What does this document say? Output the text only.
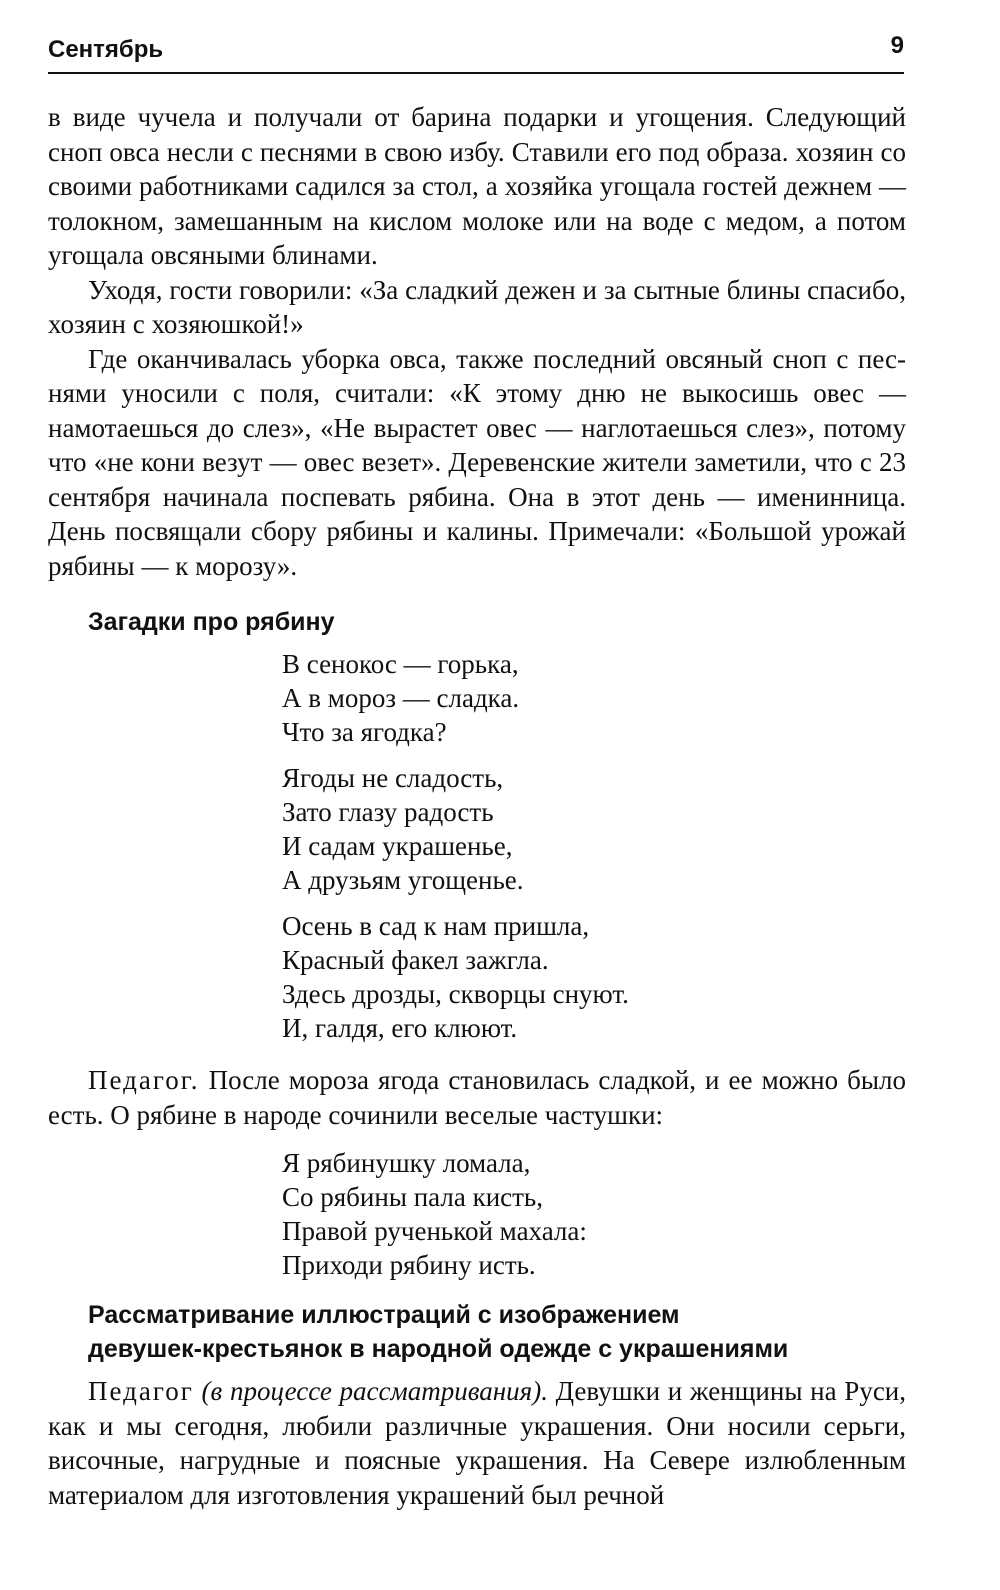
Сентябрь	9

в виде чучела и получали от барина подарки и угощения. Следующий сноп овса несли с песнями в свою избу. Ставили его под образа. хозяин со своими работниками садился за стол, а хозяйка угощала гостей дежнем — толокном, замешанным на кислом молоке или на воде с медом, а потом угощала овсяными блинами.

Уходя, гости говорили: «За сладкий дежен и за сытные блины спасибо, хозяин с хозяюшкой!»

Где оканчивалась уборка овса, также последний овсяный сноп с песнями уносили с поля, считали: «К этому дню не выкосишь овес — намотаешься до слез», «Не вырастет овес — наглотаешься слез», потому что «не кони везут — овес везет». Деревенские жители заметили, что с 23 сентября начинала поспевать рябина. Она в этот день — именинница. День посвящали сбору рябины и калины. Примечали: «Большой урожай рябины — к морозу».

Загадки про рябину
В сенокос — горька,
А в мороз — сладка.
Что за ягодка?
Ягоды не сладость,
Зато глазу радость
И садам украшенье,
А друзьям угощенье.
Осень в сад к нам пришла,
Красный факел зажгла.
Здесь дрозды, скворцы снуют.
И, галдя, его клюют.

Педагог. После мороза ягода становилась сладкой, и ее можно было есть. О рябине в народе сочинили веселые частушки:

Я рябинушку ломала,
Со рябины пала кисть,
Правой рученькой махала:
Приходи рябину исть.
Рассматривание иллюстраций с изображением
девушек-крестьянок в народной одежде с украшениями

Педагог (в процессе рассматривания). Девушки и женщины на Руси, как и мы сегодня, любили различные украшения. Они носили серьги, височные, нагрудные и поясные украшения. На Севере излюбленным материалом для изготовления украшений был речной
